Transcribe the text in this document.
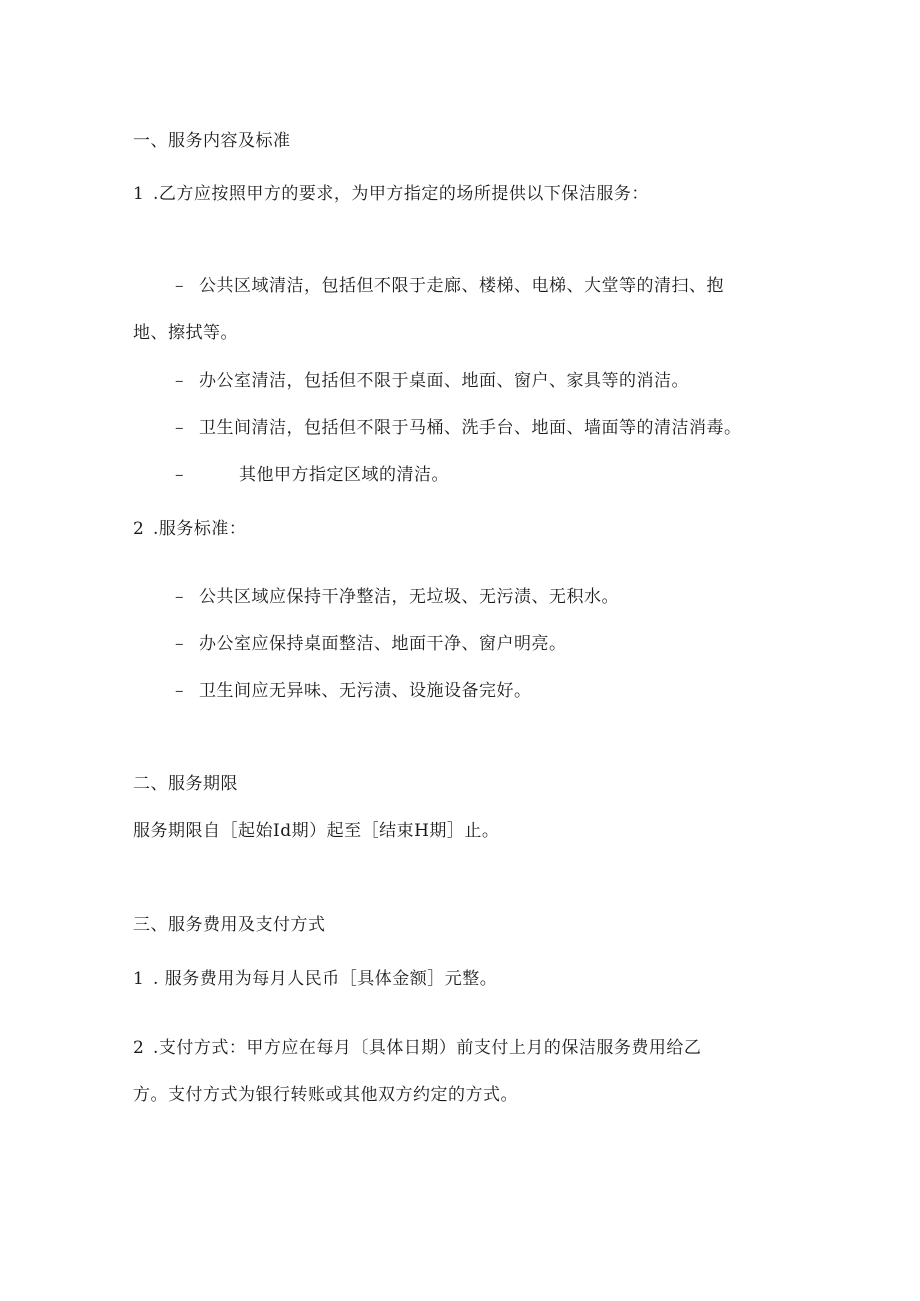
一、服务内容及标准
1 .乙方应按照甲方的要求，为甲方指定的场所提供以下保洁服务：
– 公共区域清洁，包括但不限于走廊、楼梯、电梯、大堂等的清扫、抱
地、擦拭等。
– 办公室清洁，包括但不限于桌面、地面、窗户、家具等的消洁。
– 卫生间清洁，包括但不限于马桶、洗手台、地面、墙面等的清洁消毒。
–	其他甲方指定区域的清洁。
2 .服务标准：
– 公共区域应保持干净整洁，无垃圾、无污渍、无积水。
– 办公室应保持桌面整洁、地面干净、窗户明亮。
– 卫生间应无异味、无污渍、设施设备完好。
二、服务期限
服务期限自［起始Id期）起至［结束H期］止。
三、服务费用及支付方式
1 . 服务费用为每月人民币［具体金额］元整。
2 .支付方式：甲方应在每月〔具体日期）前支付上月的保洁服务费用给乙
方。支付方式为银行转账或其他双方约定的方式。
